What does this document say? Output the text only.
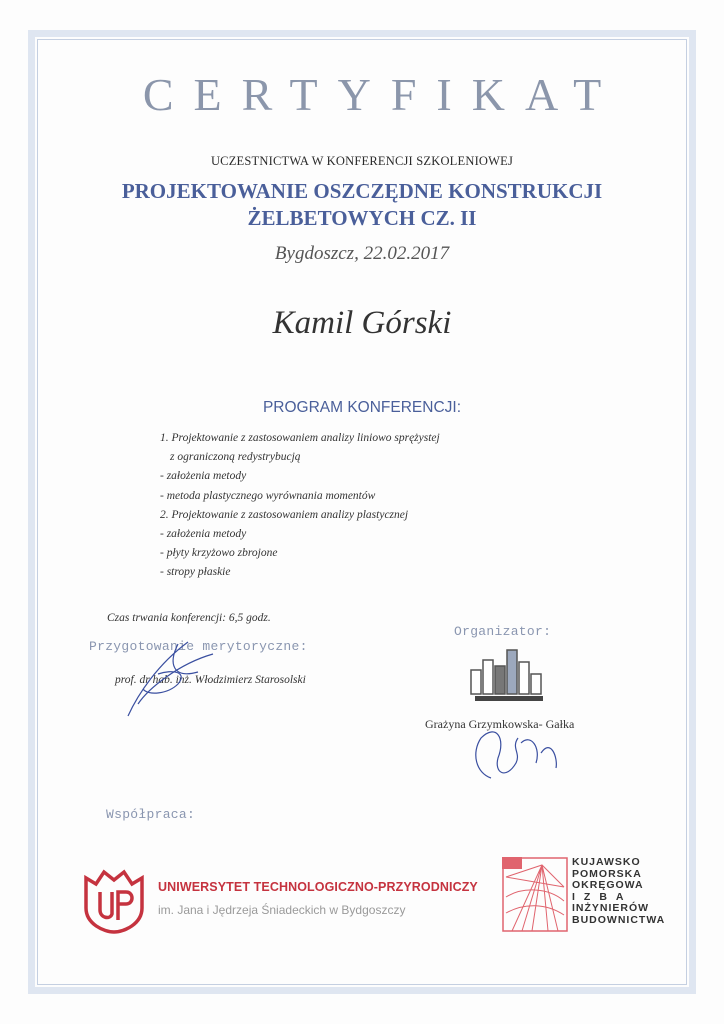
CERTYFIKAT
UCZESTNICTWA W KONFERENCJI SZKOLENIOWEJ
PROJEKTOWANIE OSZCZĘDNE KONSTRUKCJI
ŻELBETOWYCH CZ. II
Bygdoszcz, 22.02.2017
Kamil Górski
PROGRAM KONFERENCJI:
1. Projektowanie z zastosowaniem analizy liniowo sprężystej
z ograniczoną redystrybucją
- założenia metody
- metoda plastycznego wyrównania momentów
2. Projektowanie z zastosowaniem analizy plastycznej
- założenia metody
- płyty krzyżowo zbrojone
- stropy płaskie
Czas trwania konferencji: 6,5 godz.
Przygotowanie merytoryczne:
prof. dr hab. inż. Włodzimierz Starosolski
Organizator:
Grażyna Grzymkowska- Gałka
Współpraca:
UNIWERSYTET TECHNOLOGICZNO-PRZYRODNICZY
im. Jana i Jędrzeja Śniadeckich w Bydgoszczy
KUJAWSKO
POMORSKA
OKRĘGOWA
IZBA
INŻYNIERÓW
BUDOWNICTWA
